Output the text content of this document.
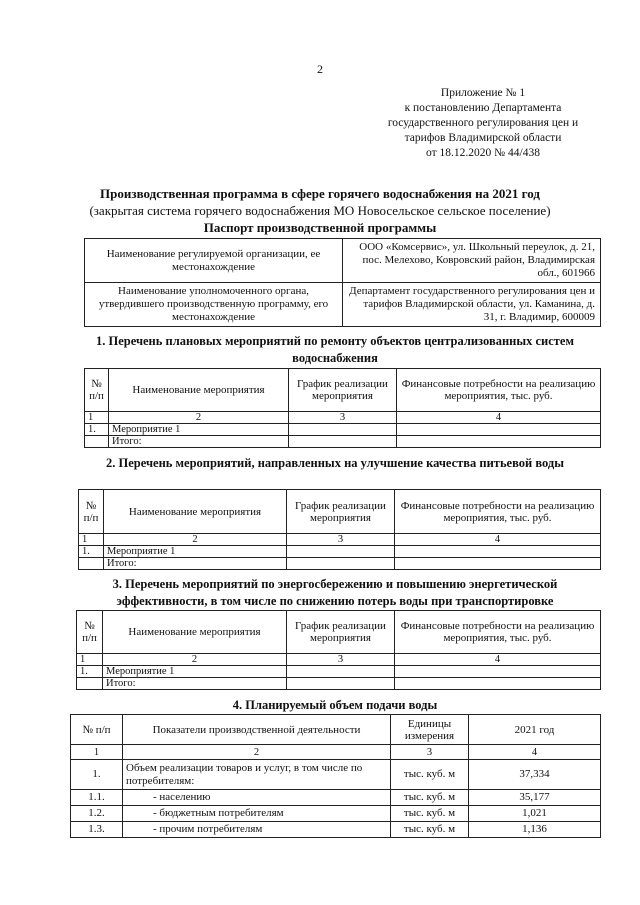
2
Приложение № 1
к постановлению Департамента
государственного регулирования цен и
тарифов Владимирской области
от 18.12.2020 № 44/438
Производственная программа в сфере горячего водоснабжения на 2021 год
(закрытая система горячего водоснабжения МО Новосельское сельское поселение)
Паспорт производственной программы
Наименование регулируемой организации, ее местонахождение	ООО «Комсервис», ул. Школьный переулок, д. 21, пос. Мелехово, Ковровский район, Владимирская обл., 601966
Наименование уполномоченного органа, утвердившего производственную программу, его местонахождение	Департамент государственного регулирования цен и тарифов Владимирской области, ул. Каманина, д. 31, г. Владимир, 600009
1. Перечень плановых мероприятий по ремонту объектов централизованных систем водоснабжения
№ п/п	Наименование мероприятия	График реализации мероприятия	Финансовые потребности на реализацию мероприятия, тыс. руб.
1	2	3	4
1.	Мероприятие 1		
	Итого:		
2. Перечень мероприятий, направленных на улучшение качества питьевой воды
№ п/п	Наименование мероприятия	График реализации мероприятия	Финансовые потребности на реализацию мероприятия, тыс. руб.
1	2	3	4
1.	Мероприятие 1		
	Итого:		
3. Перечень мероприятий по энергосбережению и повышению энергетической эффективности, в том числе по снижению потерь воды при транспортировке
№ п/п	Наименование мероприятия	График реализации мероприятия	Финансовые потребности на реализацию мероприятия, тыс. руб.
1	2	3	4
1.	Мероприятие 1		
	Итого:		
4. Планируемый объем подачи воды
№ п/п	Показатели производственной деятельности	Единицы измерения	2021 год
1	2	3	4
1.	Объем реализации товаров и услуг, в том числе по потребителям:	тыс. куб. м	37,334
1.1.	- населению	тыс. куб. м	35,177
1.2.	- бюджетным потребителям	тыс. куб. м	1,021
1.3.	- прочим потребителям	тыс. куб. м	1,136
